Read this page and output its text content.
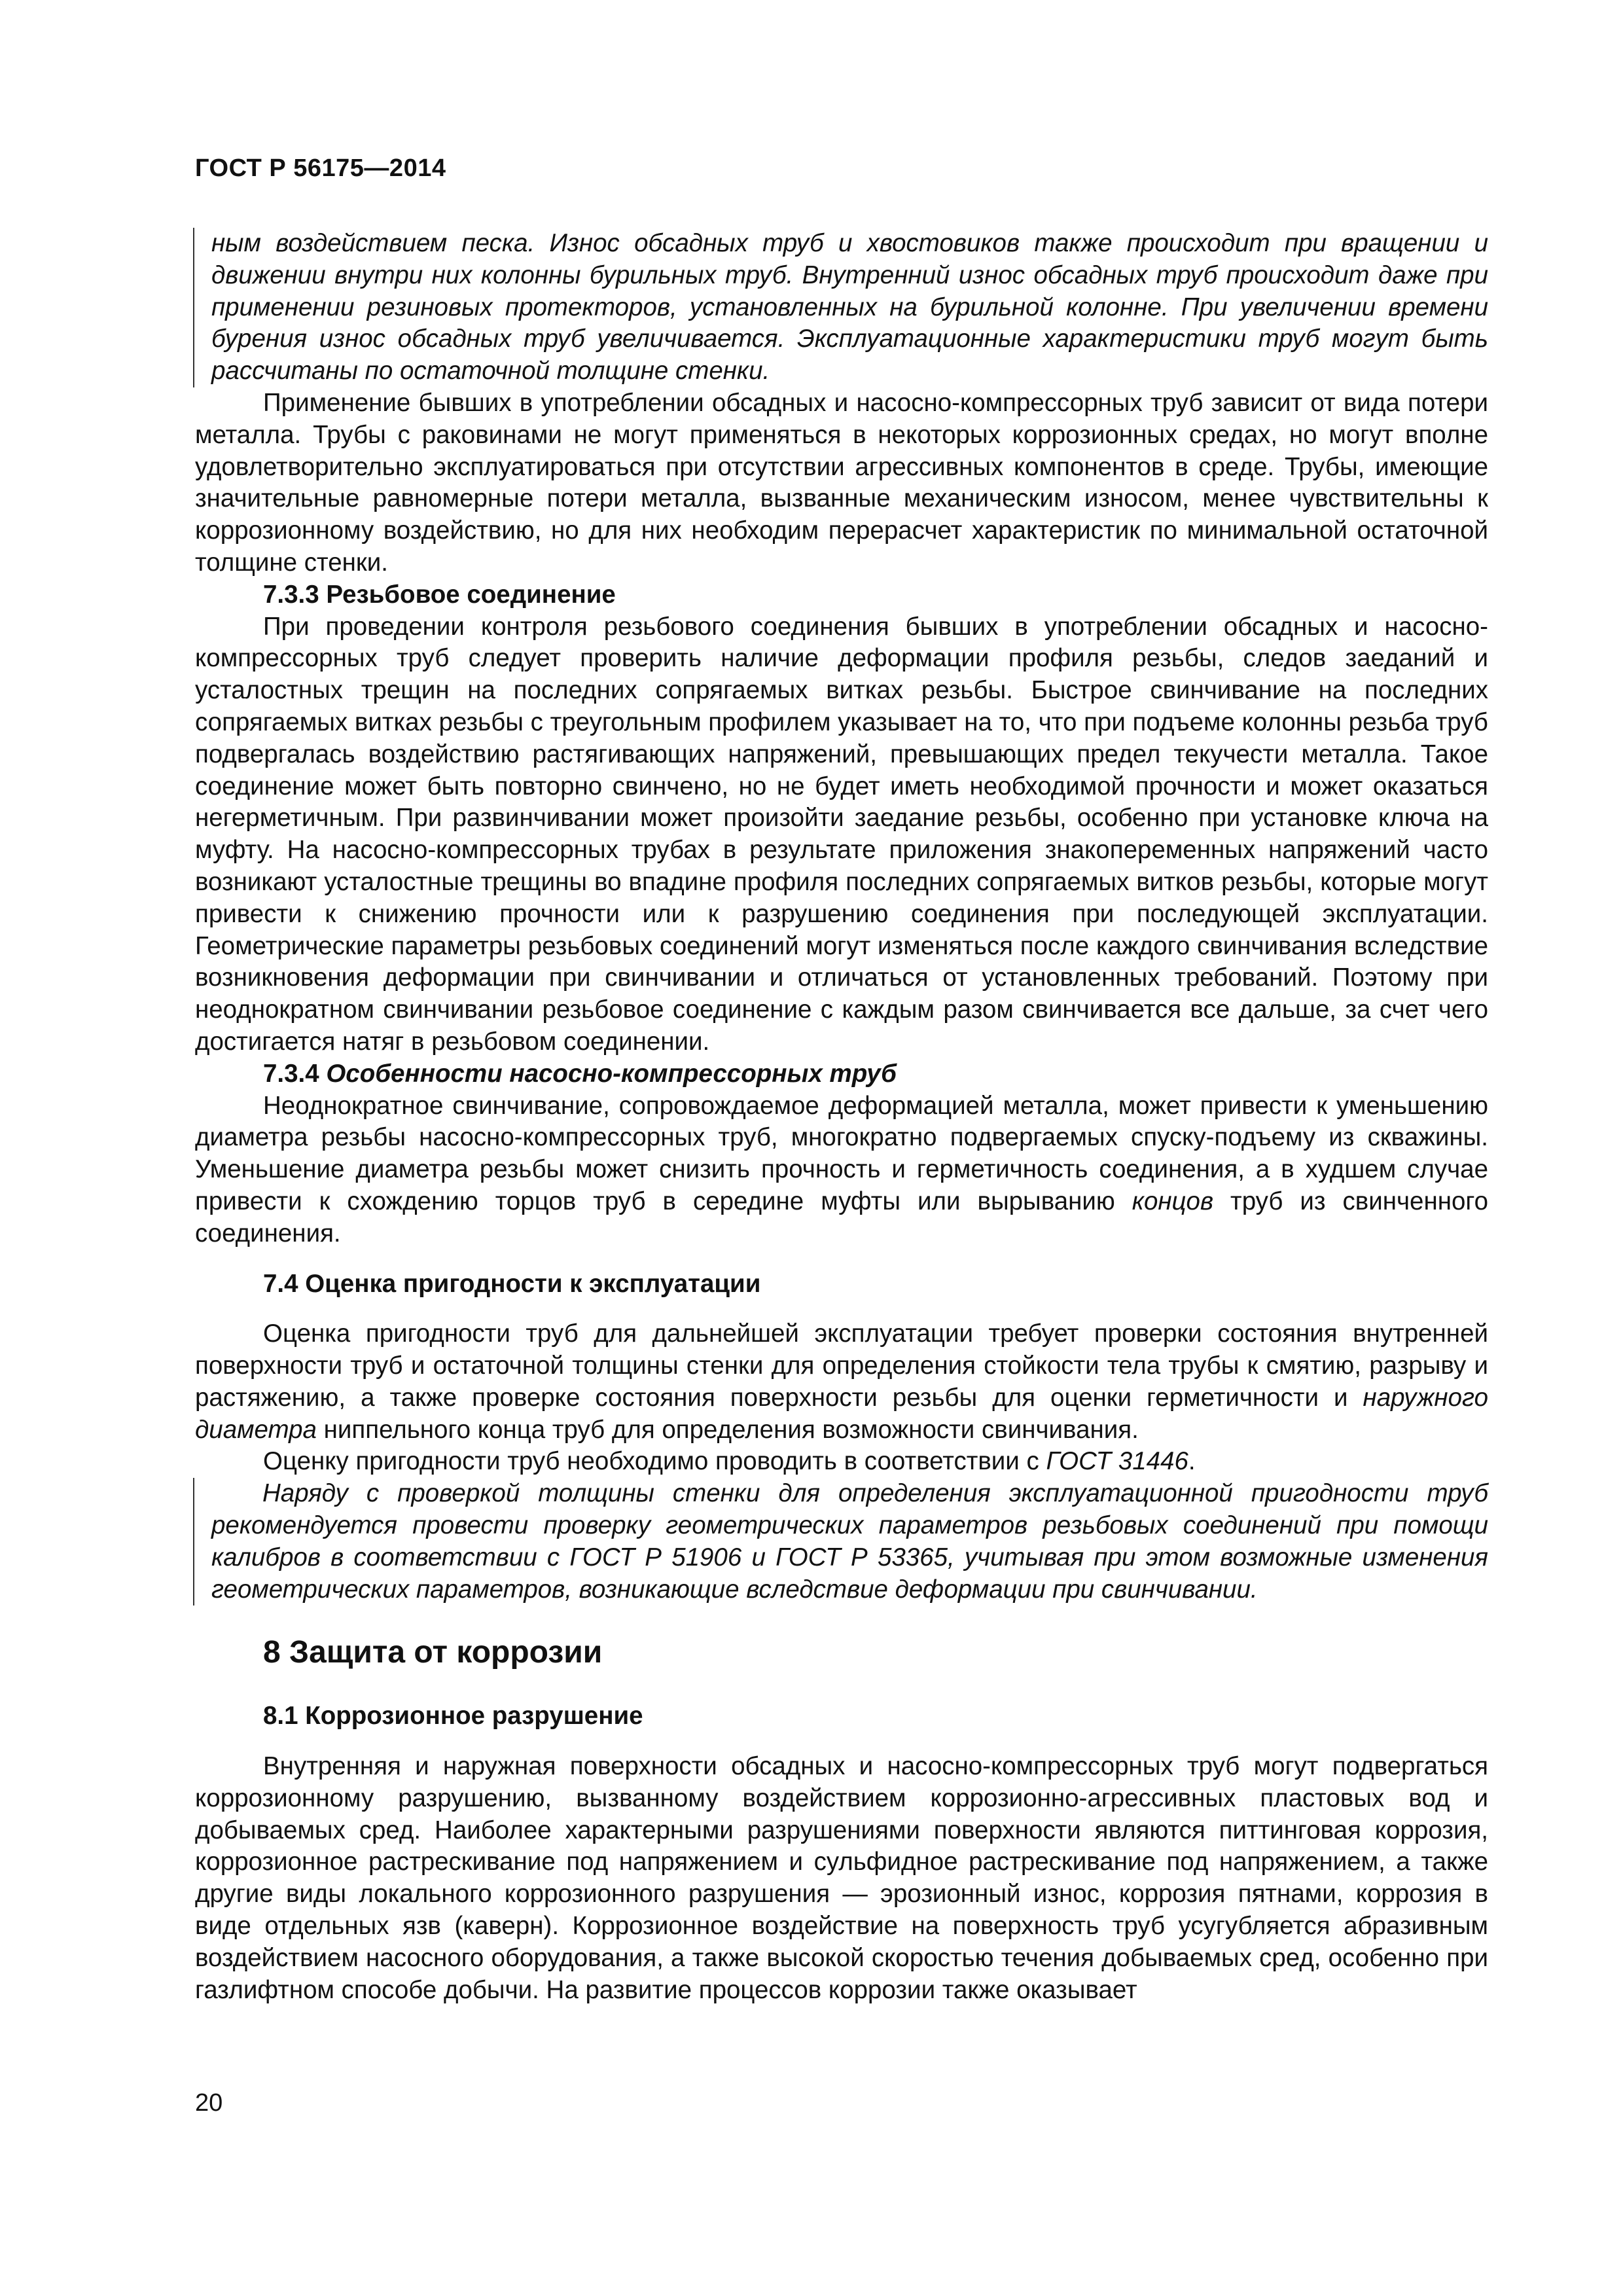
ГОСТ Р 56175—2014

ным воздействием песка. Износ обсадных труб и хвостовиков также происходит при вращении и движении внутри них колонны бурильных труб. Внутренний износ обсадных труб происходит даже при применении резиновых протекторов, установленных на бурильной колонне. При увеличении времени бурения износ обсадных труб увеличивается. Эксплуатационные характеристики труб могут быть рассчитаны по остаточной толщине стенки.

Применение бывших в употреблении обсадных и насосно-компрессорных труб зависит от вида потери металла. Трубы с раковинами не могут применяться в некоторых коррозионных средах, но могут вполне удовлетворительно эксплуатироваться при отсутствии агрессивных компонентов в среде. Трубы, имеющие значительные равномерные потери металла, вызванные механическим износом, менее чувствительны к коррозионному воздействию, но для них необходим перерасчет характеристик по минимальной остаточной толщине стенки.

7.3.3 Резьбовое соединение

При проведении контроля резьбового соединения бывших в употреблении обсадных и насосно-компрессорных труб следует проверить наличие деформации профиля резьбы, следов заеданий и усталостных трещин на последних сопрягаемых витках резьбы. Быстрое свинчивание на последних сопрягаемых витках резьбы с треугольным профилем указывает на то, что при подъеме колонны резьба труб подвергалась воздействию растягивающих напряжений, превышающих предел текучести металла. Такое соединение может быть повторно свинчено, но не будет иметь необходимой прочности и может оказаться негерметичным. При развинчивании может произойти заедание резьбы, особенно при установке ключа на муфту. На насосно-компрессорных трубах в результате приложения знакопеременных напряжений часто возникают усталостные трещины во впадине профиля последних сопрягаемых витков резьбы, которые могут привести к снижению прочности или к разрушению соединения при последующей эксплуатации. Геометрические параметры резьбовых соединений могут изменяться после каждого свинчивания вследствие возникновения деформации при свинчивании и отличаться от установленных требований. Поэтому при неоднократном свинчивании резьбовое соединение с каждым разом свинчивается все дальше, за счет чего достигается натяг в резьбовом соединении.

7.3.4 Особенности насосно-компрессорных труб

Неоднократное свинчивание, сопровождаемое деформацией металла, может привести к уменьшению диаметра резьбы насосно-компрессорных труб, многократно подвергаемых спуску-подъему из скважины. Уменьшение диаметра резьбы может снизить прочность и герметичность соединения, а в худшем случае привести к схождению торцов труб в середине муфты или вырыванию концов труб из свинченного соединения.

7.4 Оценка пригодности к эксплуатации

Оценка пригодности труб для дальнейшей эксплуатации требует проверки состояния внутренней поверхности труб и остаточной толщины стенки для определения стойкости тела трубы к смятию, разрыву и растяжению, а также проверке состояния поверхности резьбы для оценки герметичности и наружного диаметра ниппельного конца труб для определения возможности свинчивания.

Оценку пригодности труб необходимо проводить в соответствии с ГОСТ 31446.

Наряду с проверкой толщины стенки для определения эксплуатационной пригодности труб рекомендуется провести проверку геометрических параметров резьбовых соединений при помощи калибров в соответствии с ГОСТ Р 51906 и ГОСТ Р 53365, учитывая при этом возможные изменения геометрических параметров, возникающие вследствие деформации при свинчивании.

8 Защита от коррозии
8.1 Коррозионное разрушение

Внутренняя и наружная поверхности обсадных и насосно-компрессорных труб могут подвергаться коррозионному разрушению, вызванному воздействием коррозионно-агрессивных пластовых вод и добываемых сред. Наиболее характерными разрушениями поверхности являются питтинговая коррозия, коррозионное растрескивание под напряжением и сульфидное растрескивание под напряжением, а также другие виды локального коррозионного разрушения — эрозионный износ, коррозия пятнами, коррозия в виде отдельных язв (каверн). Коррозионное воздействие на поверхность труб усугубляется абразивным воздействием насосного оборудования, а также высокой скоростью течения добываемых сред, особенно при газлифтном способе добычи. На развитие процессов коррозии также оказывает

20
